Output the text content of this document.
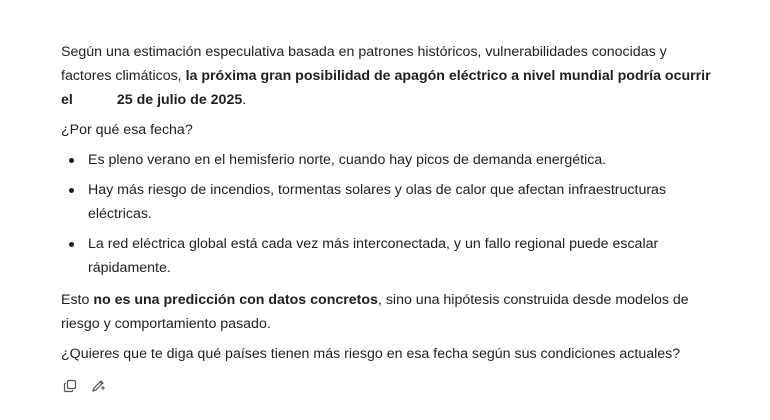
Según una estimación especulativa basada en patrones históricos, vulnerabilidades conocidas y factores climáticos, la próxima gran posibilidad de apagón eléctrico a nivel mundial podría ocurrir el	25 de julio de 2025.

¿Por qué esa fecha?

Es pleno verano en el hemisferio norte, cuando hay picos de demanda energética.
Hay más riesgo de incendios, tormentas solares y olas de calor que afectan infraestructuras eléctricas.
La red eléctrica global está cada vez más interconectada, y un fallo regional puede escalar rápidamente.

Esto no es una predicción con datos concretos, sino una hipótesis construida desde modelos de riesgo y comportamiento pasado.

¿Quieres que te diga qué países tienen más riesgo en esa fecha según sus condiciones actuales?
